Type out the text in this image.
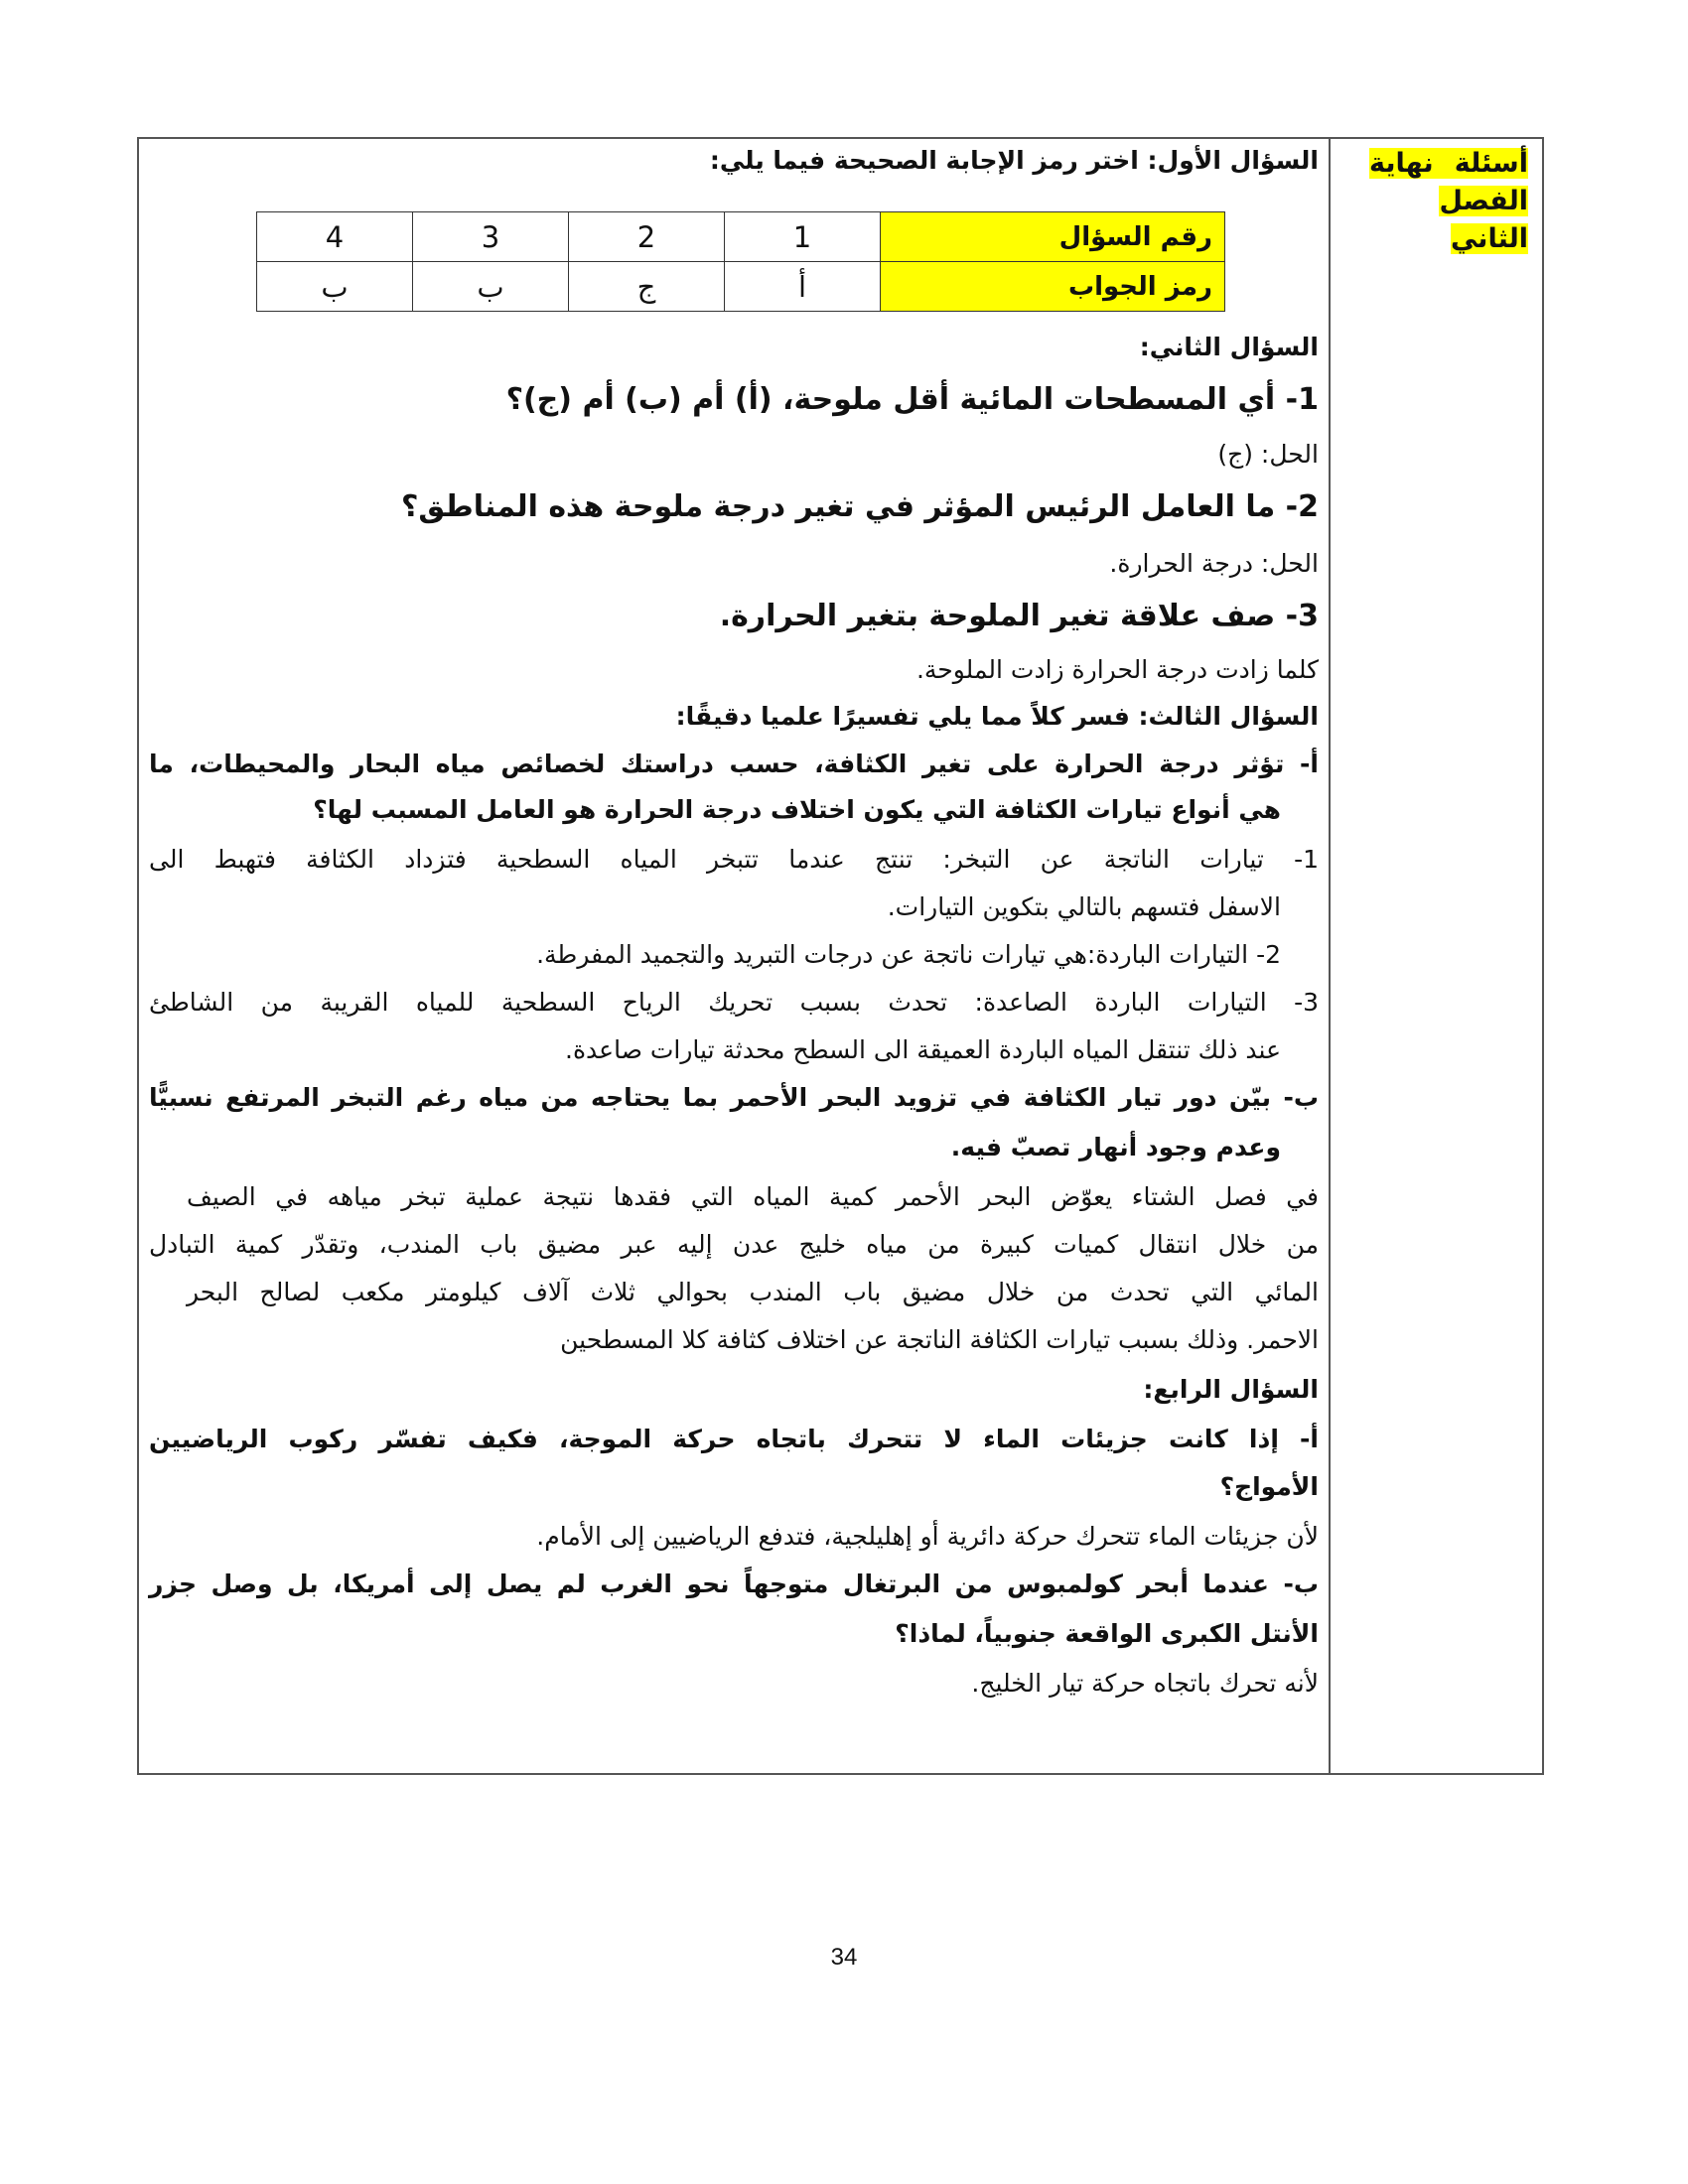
أسئلة نهاية الفصل الثاني

السؤال الأول: اختر رمز الإجابة الصحيحة فيما يلي:

رقم السؤال	1	2	3	4
رمز الجواب	أ	ج	ب	ب

السؤال الثاني:

1- أي المسطحات المائية أقل ملوحة، (أ) أم (ب) أم (ج)؟

الحل: (ج)

2- ما العامل الرئيس المؤثر في تغير درجة ملوحة هذه المناطق؟

الحل: درجة الحرارة.

3- صف علاقة تغير الملوحة بتغير الحرارة.

كلما زادت درجة الحرارة زادت الملوحة.

السؤال الثالث: فسر كلاً مما يلي تفسيرًا علميا دقيقًا:

أ- تؤثر درجة الحرارة على تغير الكثافة، حسب دراستك لخصائص مياه البحار والمحيطات، ما

هي أنواع تيارات الكثافة التي يكون اختلاف درجة الحرارة هو العامل المسبب لها؟

1- تيارات الناتجة عن التبخر: تنتج عندما تتبخر المياه السطحية فتزداد الكثافة فتهبط الى

الاسفل فتسهم بالتالي بتكوين التيارات.

2- التيارات الباردة:هي تيارات ناتجة عن درجات التبريد والتجميد المفرطة.

3- التيارات الباردة الصاعدة: تحدث بسبب تحريك الرياح السطحية للمياه القريبة من الشاطئ

عند ذلك تنتقل المياه الباردة العميقة الى السطح محدثة تيارات صاعدة.

ب- بيّن دور تيار الكثافة في تزويد البحر الأحمر بما يحتاجه من مياه رغم التبخر المرتفع نسبيًّا

وعدم وجود أنهار تصبّ فيه.

في فصل الشتاء يعوّض البحر الأحمر كمية المياه التي فقدها نتيجة عملية تبخر مياهه في الصيف

من خلال انتقال كميات كبيرة من مياه خليج عدن إليه عبر مضيق باب المندب، وتقدّر كمية التبادل

المائي التي تحدث من خلال مضيق باب المندب بحوالي ثلاث آلاف كيلومتر مكعب لصالح البحر

الاحمر. وذلك بسبب تيارات الكثافة الناتجة عن اختلاف كثافة كلا المسطحين

السؤال الرابع:

أ- إذا كانت جزيئات الماء لا تتحرك باتجاه حركة الموجة، فكيف تفسّر ركوب الرياضيين

الأمواج؟

لأن جزيئات الماء تتحرك حركة دائرية أو إهليلجية، فتدفع الرياضيين إلى الأمام.

ب- عندما أبحر كولمبوس من البرتغال متوجهاً نحو الغرب لم يصل إلى أمريكا، بل وصل جزر

الأنتل الكبرى الواقعة جنوبياً، لماذا؟

لأنه تحرك باتجاه حركة تيار الخليج.

34
